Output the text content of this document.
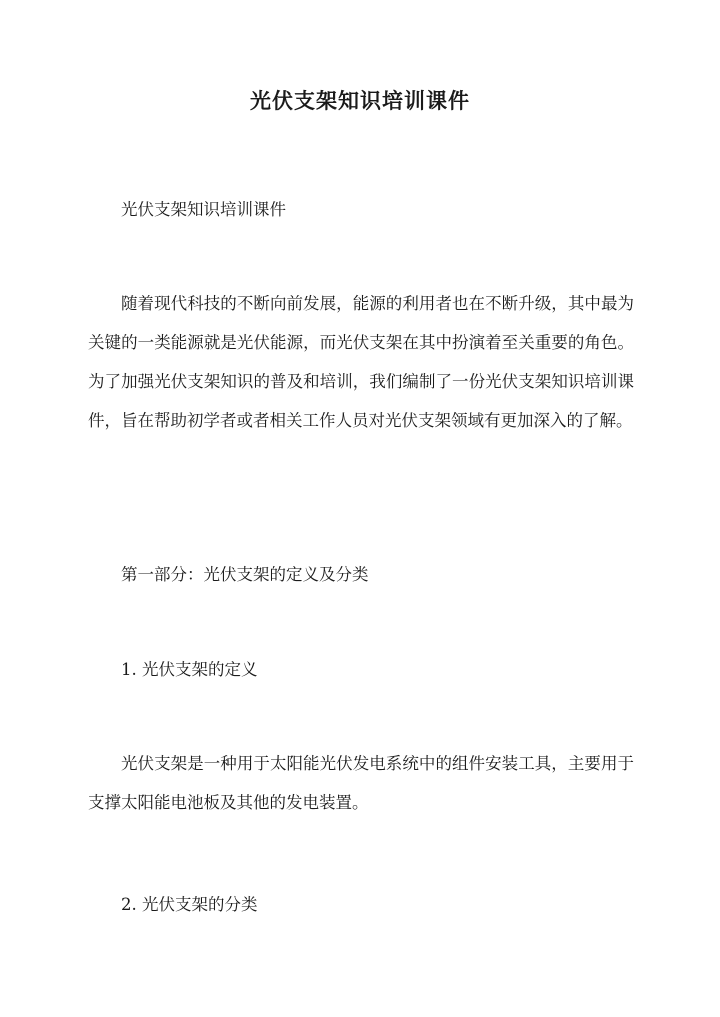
光伏支架知识培训课件

光伏支架知识培训课件

随着现代科技的不断向前发展，能源的利用者也在不断升级，其中最为关键的一类能源就是光伏能源，而光伏支架在其中扮演着至关重要的角色。为了加强光伏支架知识的普及和培训，我们编制了一份光伏支架知识培训课件，旨在帮助初学者或者相关工作人员对光伏支架领域有更加深入的了解。

第一部分：光伏支架的定义及分类

1. 光伏支架的定义

光伏支架是一种用于太阳能光伏发电系统中的组件安装工具，主要用于支撑太阳能电池板及其他的发电装置。

2. 光伏支架的分类
